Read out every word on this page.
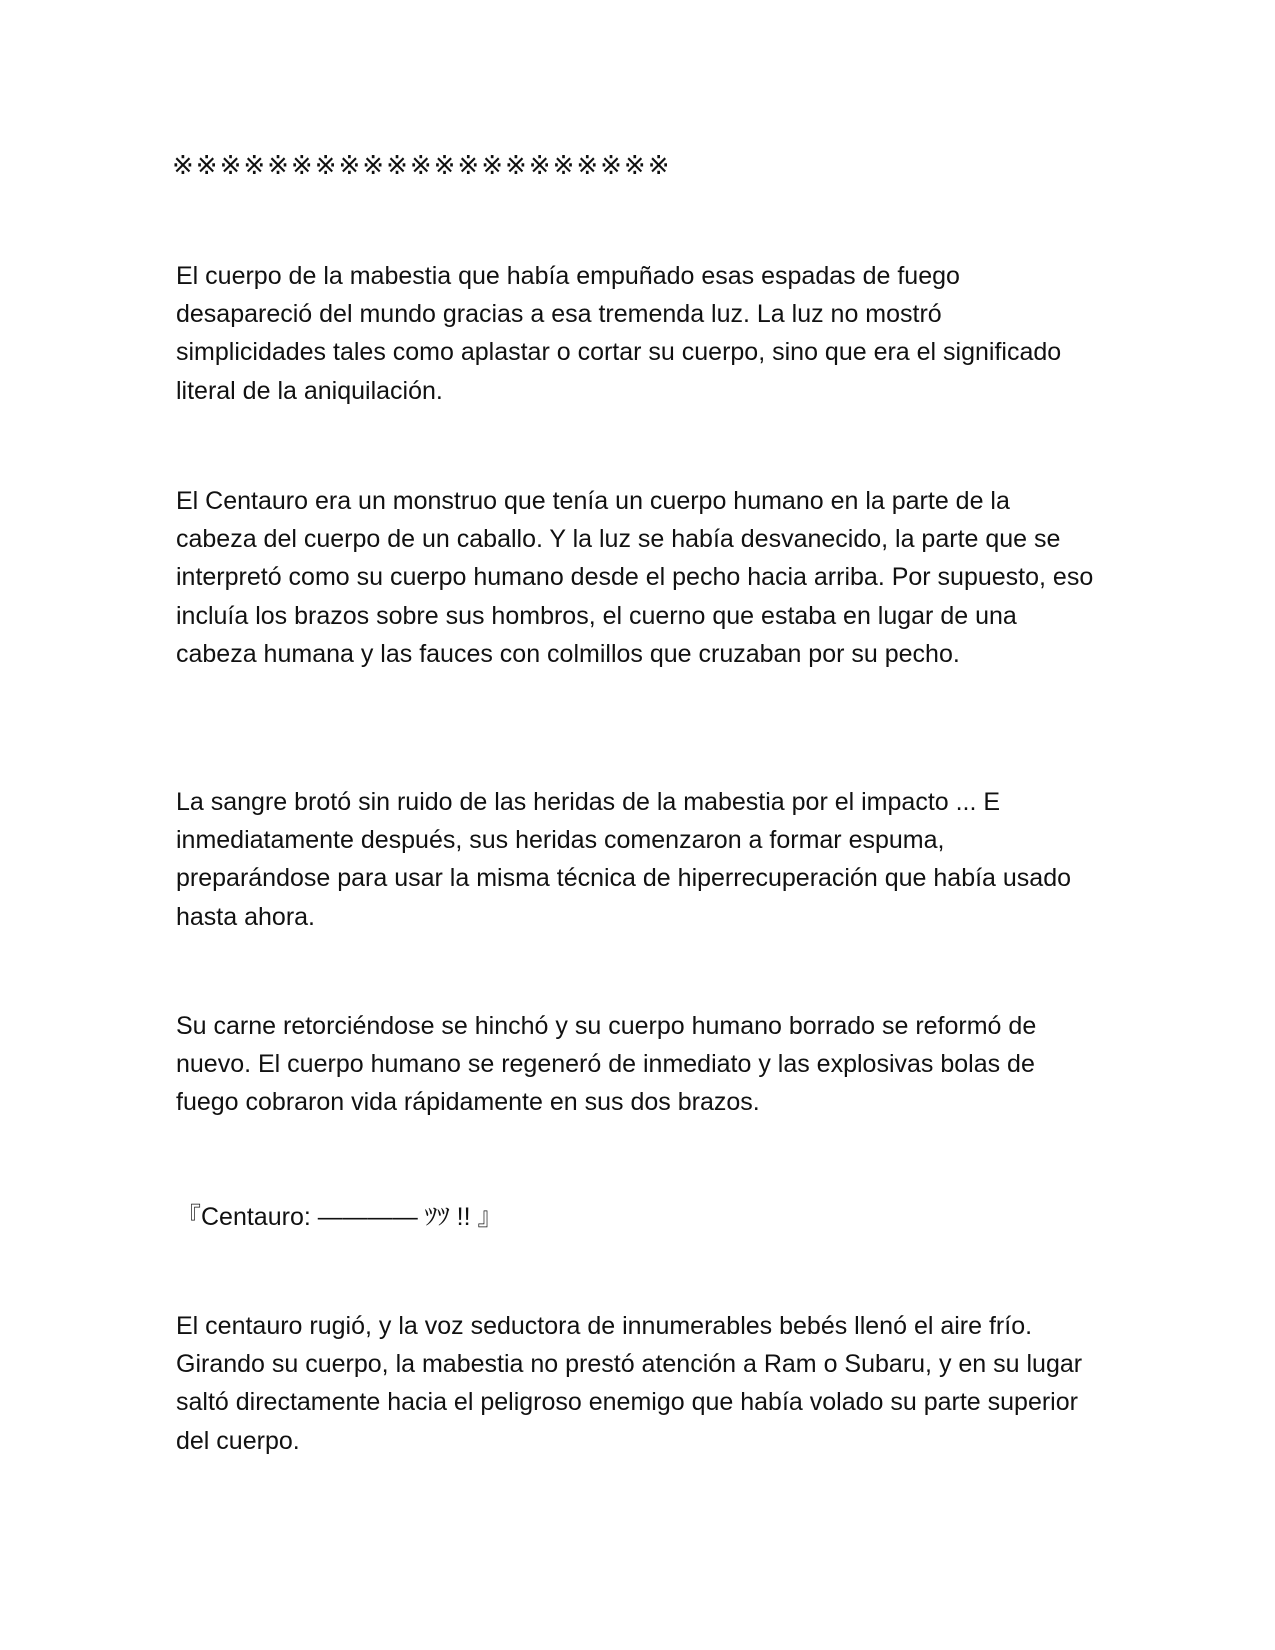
※※※※※※※※※※※※※※※※※※※※※

El cuerpo de la mabestia que había empuñado esas espadas de fuego desapareció del mundo gracias a esa tremenda luz. La luz no mostró simplicidades tales como aplastar o cortar su cuerpo, sino que era el significado literal de la aniquilación.

El Centauro era un monstruo que tenía un cuerpo humano en la parte de la cabeza del cuerpo de un caballo. Y la luz se había desvanecido, la parte que se interpretó como su cuerpo humano desde el pecho hacia arriba. Por supuesto, eso incluía los brazos sobre sus hombros, el cuerno que estaba en lugar de una cabeza humana y las fauces con colmillos que cruzaban por su pecho.

La sangre brotó sin ruido de las heridas de la mabestia por el impacto ... E inmediatamente después, sus heridas comenzaron a formar espuma, preparándose para usar la misma técnica de hiperrecuperación que había usado hasta ahora.

Su carne retorciéndose se hinchó y su cuerpo humano borrado se reformó de nuevo. El cuerpo humano se regeneró de inmediato y las explosivas bolas de fuego cobraron vida rápidamente en sus dos brazos.

『Centauro: ———— ﾂﾂ !! 』

El centauro rugió, y la voz seductora de innumerables bebés llenó el aire frío. Girando su cuerpo, la mabestia no prestó atención a Ram o Subaru, y en su lugar saltó directamente hacia el peligroso enemigo que había volado su parte superior del cuerpo.
